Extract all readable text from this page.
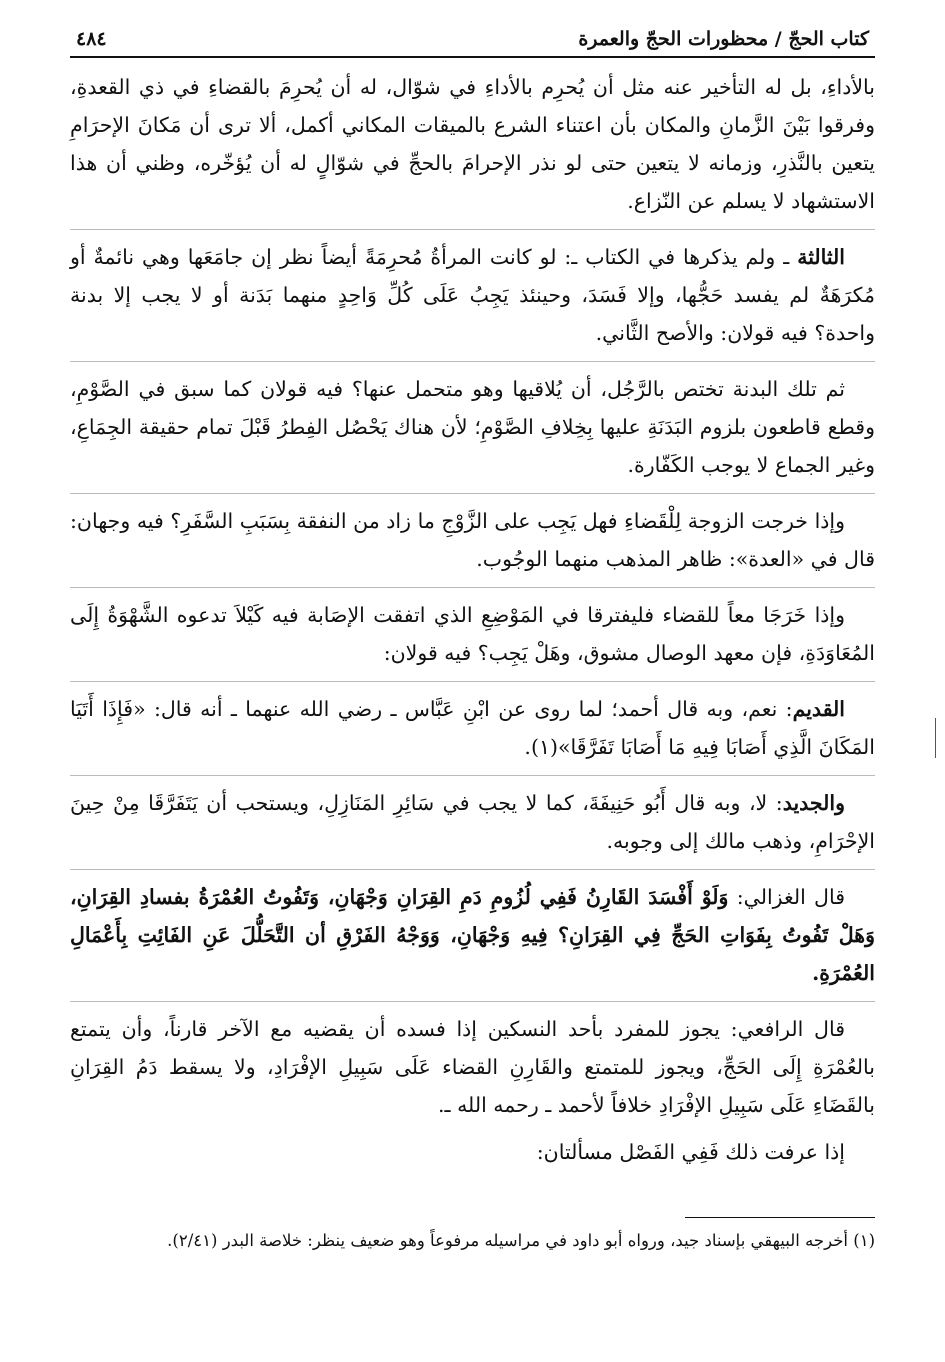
كتاب الحجّ / محظورات الحجّ والعمرة
٤٨٤

بالأداءِ، بل له التأخير عنه مثل أن يُحرِم بالأداءِ في شوّال، له أن يُحرِمَ بالقضاءِ في ذي القعدةِ، وفرقوا بَيْنَ الزَّمانِ والمكان بأن اعتناء الشرع بالميقات المكاني أكمل، ألا ترى أن مَكانَ الإحرَامِ يتعين بالنَّذرِ، وزمانه لا يتعين حتى لو نذر الإحرامَ بالحجِّ في شوّالٍ له أن يُؤخّره، وظني أن هذا الاستشهاد لا يسلم عن النّزاع.

الثالثة ـ ولم يذكرها في الكتاب ـ: لو كانت المرأةُ مُحرِمَةً أيضاً نظر إن جامَعَها وهي نائمةٌ أو مُكرَهَةٌ لم يفسد حَجُّها، وإلا فَسَدَ، وحينئذ يَجِبُ عَلَى كُلِّ وَاحِدٍ منهما بَدَنة أو لا يجب إلا بدنة واحدة؟ فيه قولان: والأصح الثَّاني.

ثم تلك البدنة تختص بالرَّجُل، أن يُلاقيها وهو متحمل عنها؟ فيه قولان كما سبق في الصَّوْمِ، وقطع قاطعون بلزوم البَدَنَةِ عليها بِخِلافِ الصَّوْمِ؛ لأن هناك يَحْصُل الفِطرُ قَبْلَ تمام حقيقة الجِمَاعِ، وغير الجماع لا يوجب الكَفّارة.

وإذا خرجت الزوجة لِلْقَضاءِ فهل يَجِب على الزَّوْجِ ما زاد من النفقة بِسَبَبِ السَّفَرِ؟ فيه وجهان: قال في «العدة»: ظاهر المذهب منهما الوجُوب.

وإذا خَرَجَا معاً للقضاء فليفترقا في المَوْضِعِ الذي اتفقت الإصَابة فيه كَيْلاَ تدعوه الشَّهْوَةُ إِلَى المُعَاوَدَةِ، فإن معهد الوصال مشوق، وهَلْ يَجِب؟ فيه قولان:

القديم: نعم، وبه قال أحمد؛ لما روى عن ابْنِ عَبَّاس ـ رضي الله عنهما ـ أنه قال: «فَإِذَا أَتَيَا المَكَانَ الَّذِي أَصَابَا فِيهِ مَا أَصَابَا تَفَرَّقَا»(١).

والجديد: لا، وبه قال أَبُو حَنِيفَةَ، كما لا يجب في سَائِرِ المَنَازِلِ، ويستحب أن يَتَفَرَّقَا مِنْ حِينَ الإحْرَامِ، وذهب مالك إلى وجوبه.

قال الغزالي: وَلَوْ أَفْسَدَ القَارِنُ فَفِي لُزُومِ دَمِ القِرَانِ وَجْهَانِ، وَتَفُوتُ العُمْرَةُ بفسادِ القِرَانِ، وَهَلْ تَفُوتُ بِفَوَاتِ الحَجِّ فِي القِرَانِ؟ فِيهِ وَجْهَانِ، وَوَجْهُ الفَرْقِ أن التَّحَلُّلَ عَنِ الفَائِتِ بِأَعْمَالِ العُمْرَةِ.

قال الرافعي: يجوز للمفرد بأحد النسكين إذا فسده أن يقضيه مع الآخر قارناً، وأن يتمتع بالعُمْرَةِ إِلَى الحَجِّ، ويجوز للمتمتع والقَارِنِ القضاء عَلَى سَبِيلِ الإفْرَادِ، ولا يسقط دَمُ القِرَانِ بالقَضَاءِ عَلَى سَبِيلِ الإفْرَادِ خلافاً لأحمد ـ رحمه الله ـ.

إذا عرفت ذلك فَفِي الفَصْل مسألتان:

(١) أخرجه البيهقي بإسناد جيد، ورواه أبو داود في مراسيله مرفوعاً وهو ضعيف ينظر: خلاصة البدر (٢/٤١).
